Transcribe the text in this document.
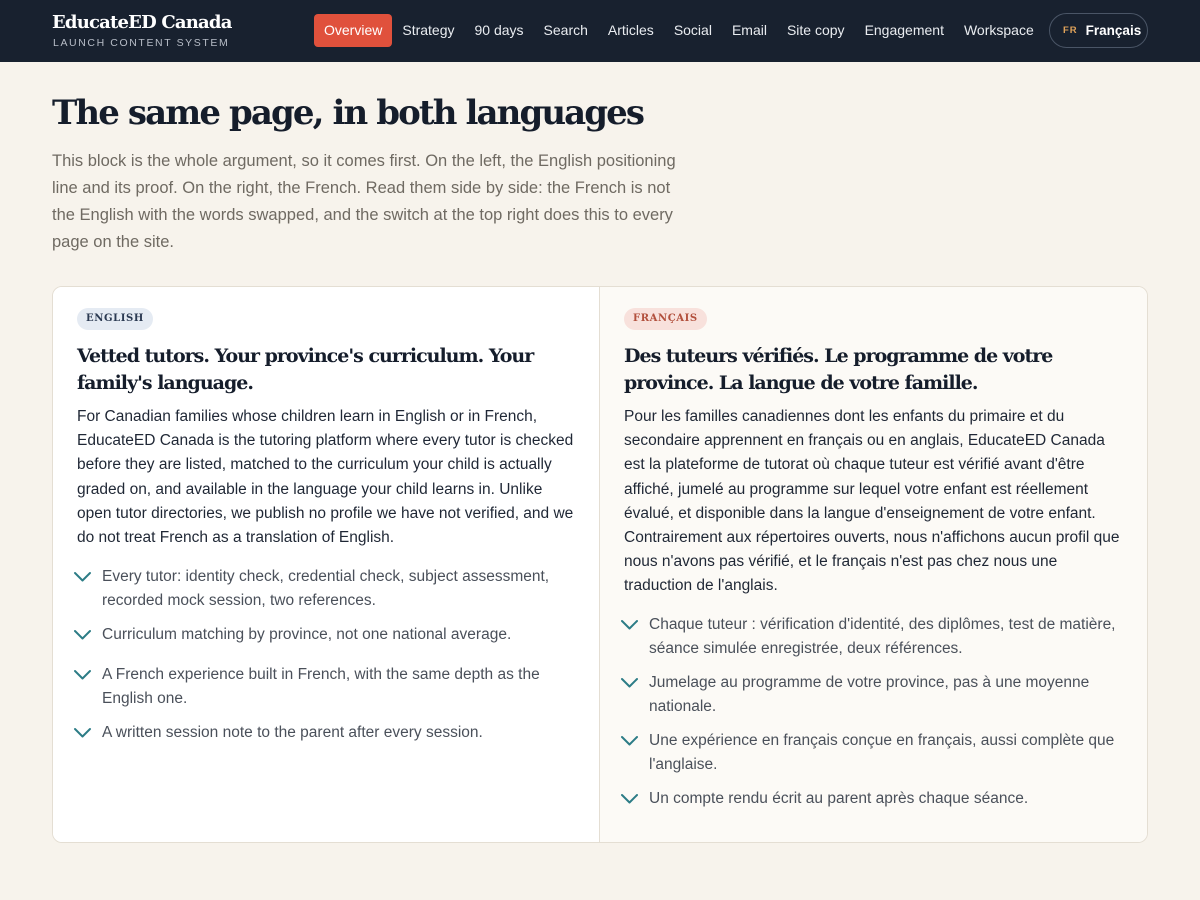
EducateED Canada
LAUNCH CONTENT SYSTEM
Overview	Strategy	90 days	Search	Articles	Social	Email	Site copy	Engagement	Workspace	FR Français
The same page, in both languages

This block is the whole argument, so it comes first. On the left, the English positioning line and its proof. On the right, the French. Read them side by side: the French is not the English with the words swapped, and the switch at the top right does this to every page on the site.

ENGLISH
Vetted tutors. Your province's curriculum. Your family's language.

For Canadian families whose children learn in English or in French, EducateED Canada is the tutoring platform where every tutor is checked before they are listed, matched to the curriculum your child is actually graded on, and available in the language your child learns in. Unlike open tutor directories, we publish no profile we have not verified, and we do not treat French as a translation of English.

Every tutor: identity check, credential check, subject assessment, recorded mock session, two references.
Curriculum matching by province, not one national average.
A French experience built in French, with the same depth as the English one.
A written session note to the parent after every session.
FRANÇAIS
Des tuteurs vérifiés. Le programme de votre province. La langue de votre famille.

Pour les familles canadiennes dont les enfants du primaire et du secondaire apprennent en français ou en anglais, EducateED Canada est la plateforme de tutorat où chaque tuteur est vérifié avant d'être affiché, jumelé au programme sur lequel votre enfant est réellement évalué, et disponible dans la langue d'enseignement de votre enfant. Contrairement aux répertoires ouverts, nous n'affichons aucun profil que nous n'avons pas vérifié, et le français n'est pas chez nous une traduction de l'anglais.

Chaque tuteur : vérification d'identité, des diplômes, test de matière, séance simulée enregistrée, deux références.
Jumelage au programme de votre province, pas à une moyenne nationale.
Une expérience en français conçue en français, aussi complète que l'anglaise.
Un compte rendu écrit au parent après chaque séance.
